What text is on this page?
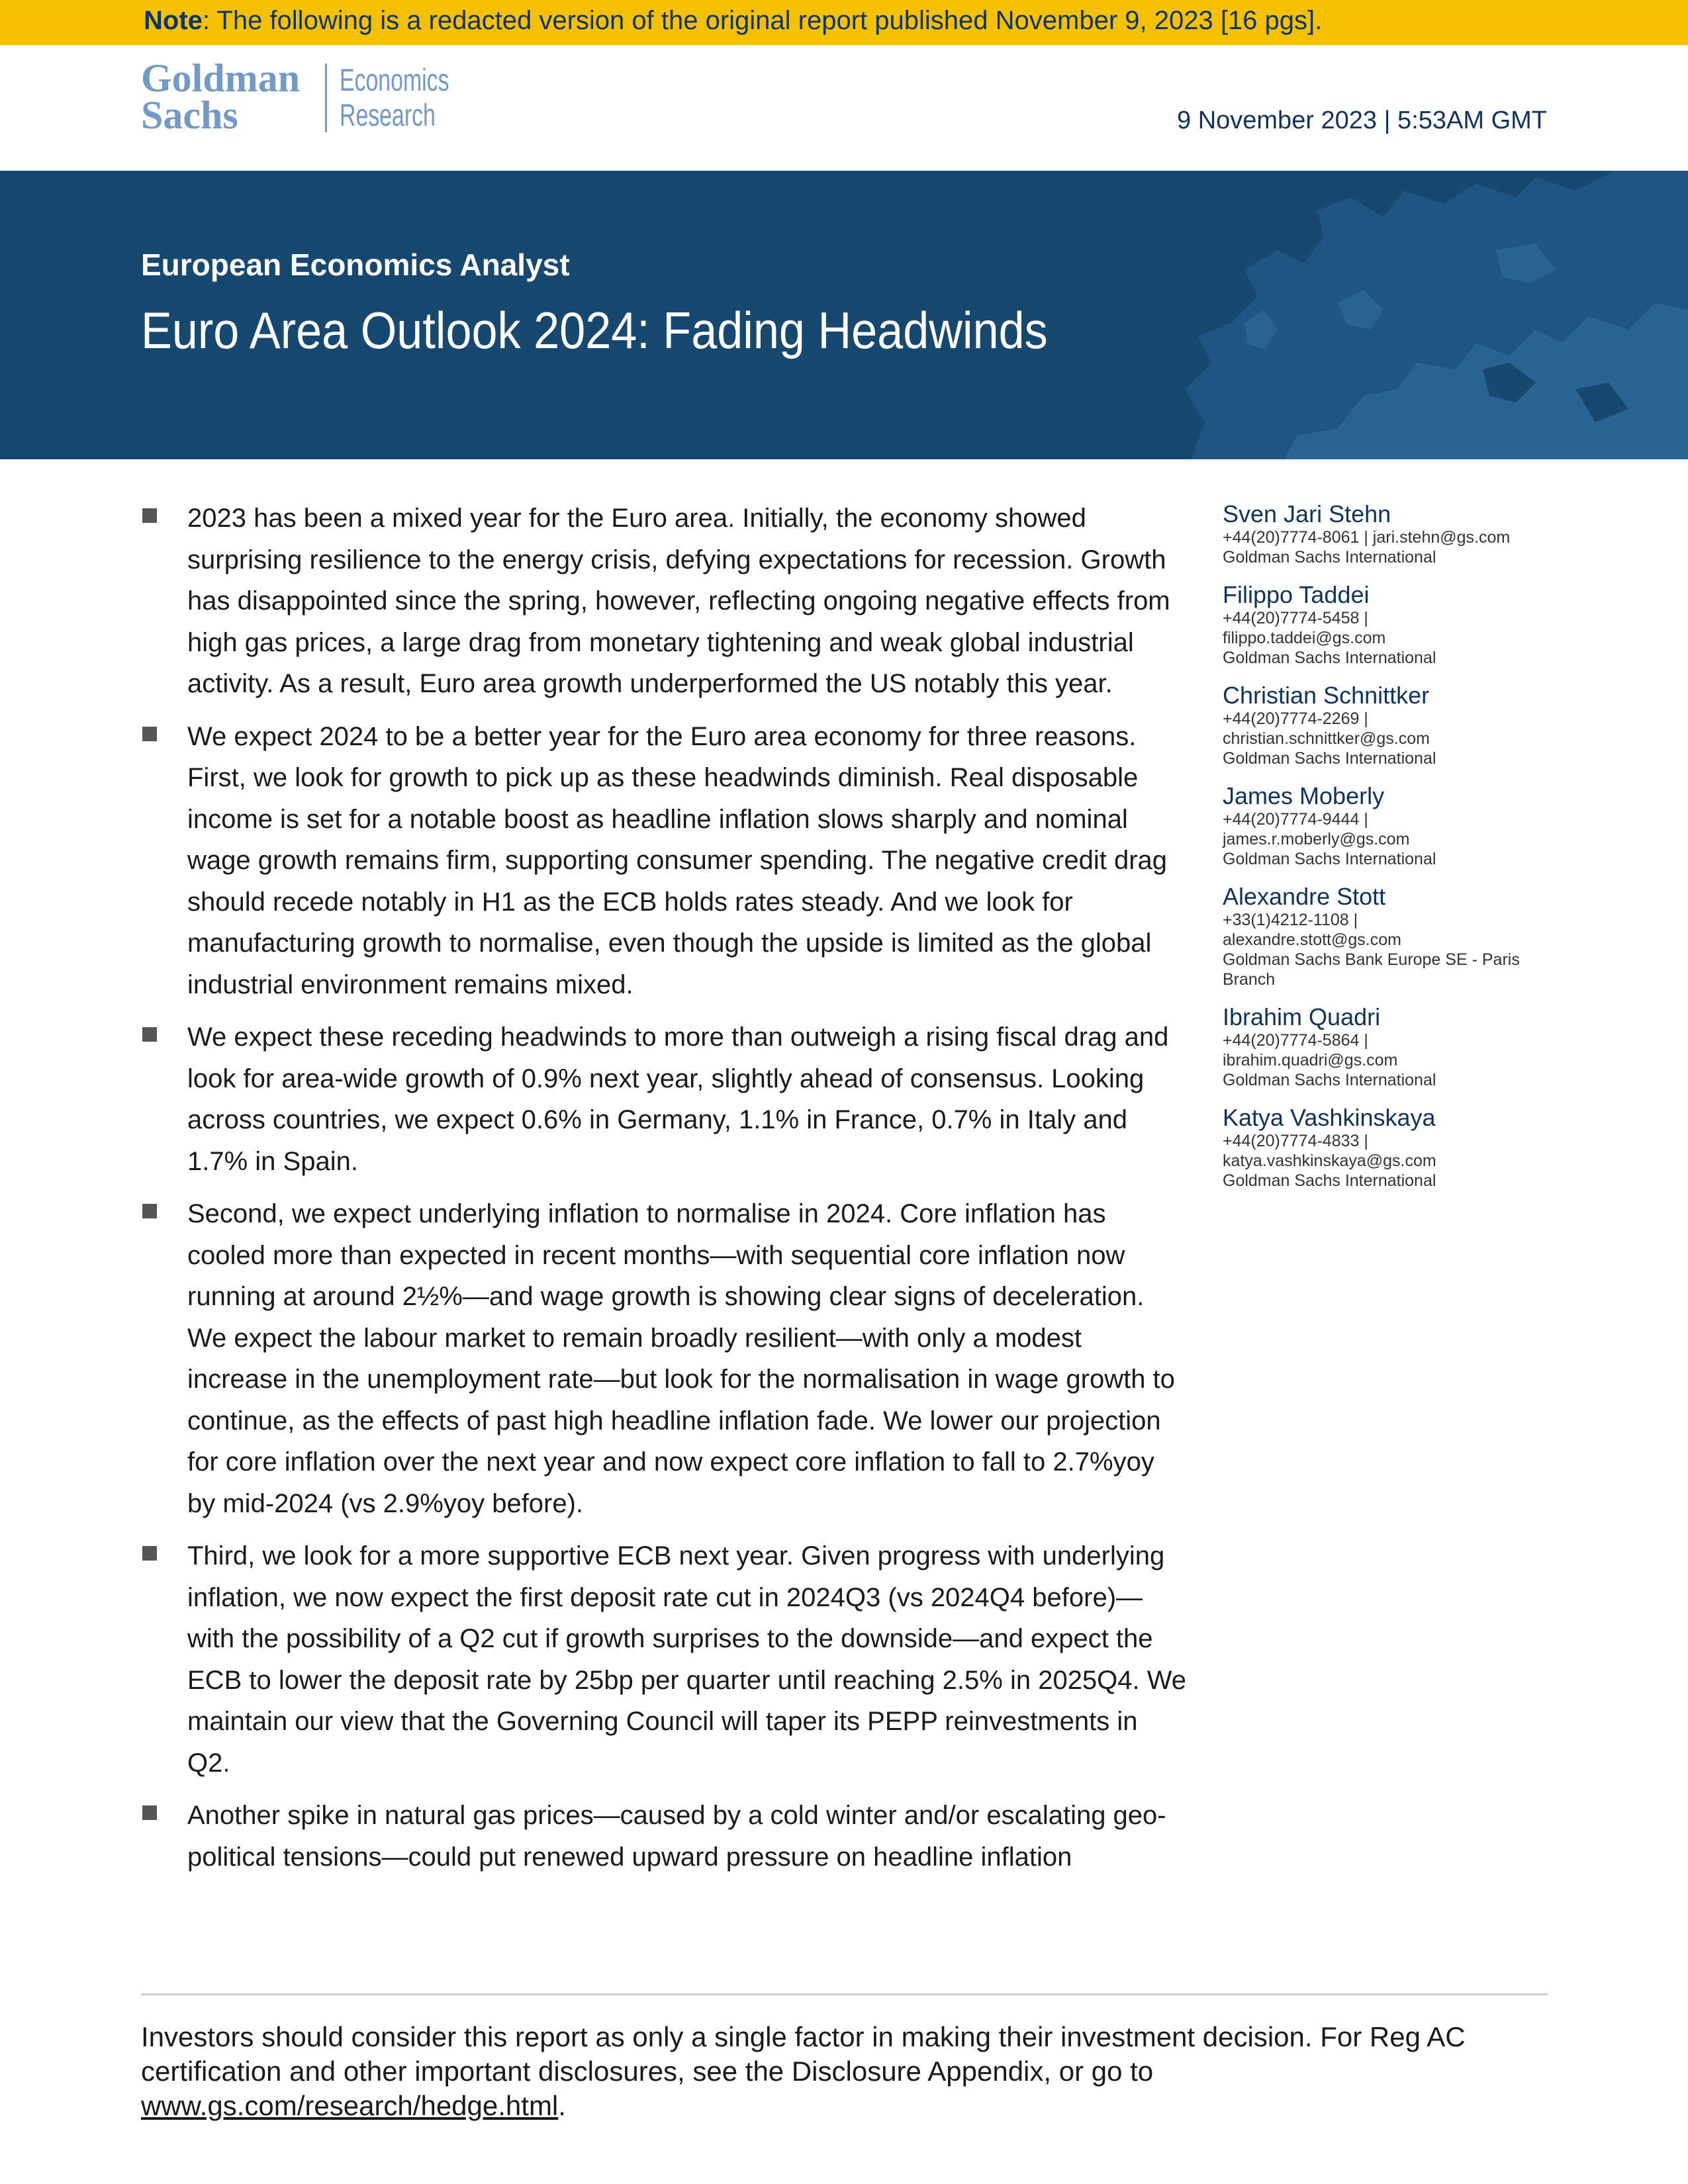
Note: The following is a redacted version of the original report published November 9, 2023 [16 pgs].
Goldman
Sachs
Economics
Research	9 November 2023 | 5:53AM GMT
European Economics Analyst
Euro Area Outlook 2024: Fading Headwinds
2023 has been a mixed year for the Euro area. Initially, the economy showed surprising resilience to the energy crisis, defying expectations for recession. Growth has disappointed since the spring, however, reflecting ongoing negative effects from high gas prices, a large drag from monetary tightening and weak global industrial activity. As a result, Euro area growth underperformed the US notably this year.
We expect 2024 to be a better year for the Euro area economy for three reasons. First, we look for growth to pick up as these headwinds diminish. Real disposable income is set for a notable boost as headline inflation slows sharply and nominal wage growth remains firm, supporting consumer spending. The negative credit drag should recede notably in H1 as the ECB holds rates steady. And we look for manufacturing growth to normalise, even though the upside is limited as the global industrial environment remains mixed.
We expect these receding headwinds to more than outweigh a rising fiscal drag and look for area-wide growth of 0.9% next year, slightly ahead of consensus. Looking across countries, we expect 0.6% in Germany, 1.1% in France, 0.7% in Italy and 1.7% in Spain.
Second, we expect underlying inflation to normalise in 2024. Core inflation has cooled more than expected in recent months—with sequential core inflation now running at around 2½%—and wage growth is showing clear signs of deceleration. We expect the labour market to remain broadly resilient—with only a modest increase in the unemployment rate—but look for the normalisation in wage growth to continue, as the effects of past high headline inflation fade. We lower our projection for core inflation over the next year and now expect core inflation to fall to 2.7%yoy by mid-2024 (vs 2.9%yoy before).
Third, we look for a more supportive ECB next year. Given progress with underlying inflation, we now expect the first deposit rate cut in 2024Q3 (vs 2024Q4 before)—with the possibility of a Q2 cut if growth surprises to the downside—and expect the ECB to lower the deposit rate by 25bp per quarter until reaching 2.5% in 2025Q4. We maintain our view that the Governing Council will taper its PEPP reinvestments in Q2.
Another spike in natural gas prices—caused by a cold winter and/or escalating geo-political tensions—could put renewed upward pressure on headline inflation
Sven Jari Stehn
+44(20)7774-8061 | jari.stehn@gs.com
Goldman Sachs International
Filippo Taddei
+44(20)7774-5458 |
filippo.taddei@gs.com
Goldman Sachs International
Christian Schnittker
+44(20)7774-2269 |
christian.schnittker@gs.com
Goldman Sachs International
James Moberly
+44(20)7774-9444 |
james.r.moberly@gs.com
Goldman Sachs International
Alexandre Stott
+33(1)4212-1108 |
alexandre.stott@gs.com
Goldman Sachs Bank Europe SE - Paris
Branch
Ibrahim Quadri
+44(20)7774-5864 |
ibrahim.quadri@gs.com
Goldman Sachs International
Katya Vashkinskaya
+44(20)7774-4833 |
katya.vashkinskaya@gs.com
Goldman Sachs International
Investors should consider this report as only a single factor in making their investment decision. For Reg AC certification and other important disclosures, see the Disclosure Appendix, or go to www.gs.com/research/hedge.html.
